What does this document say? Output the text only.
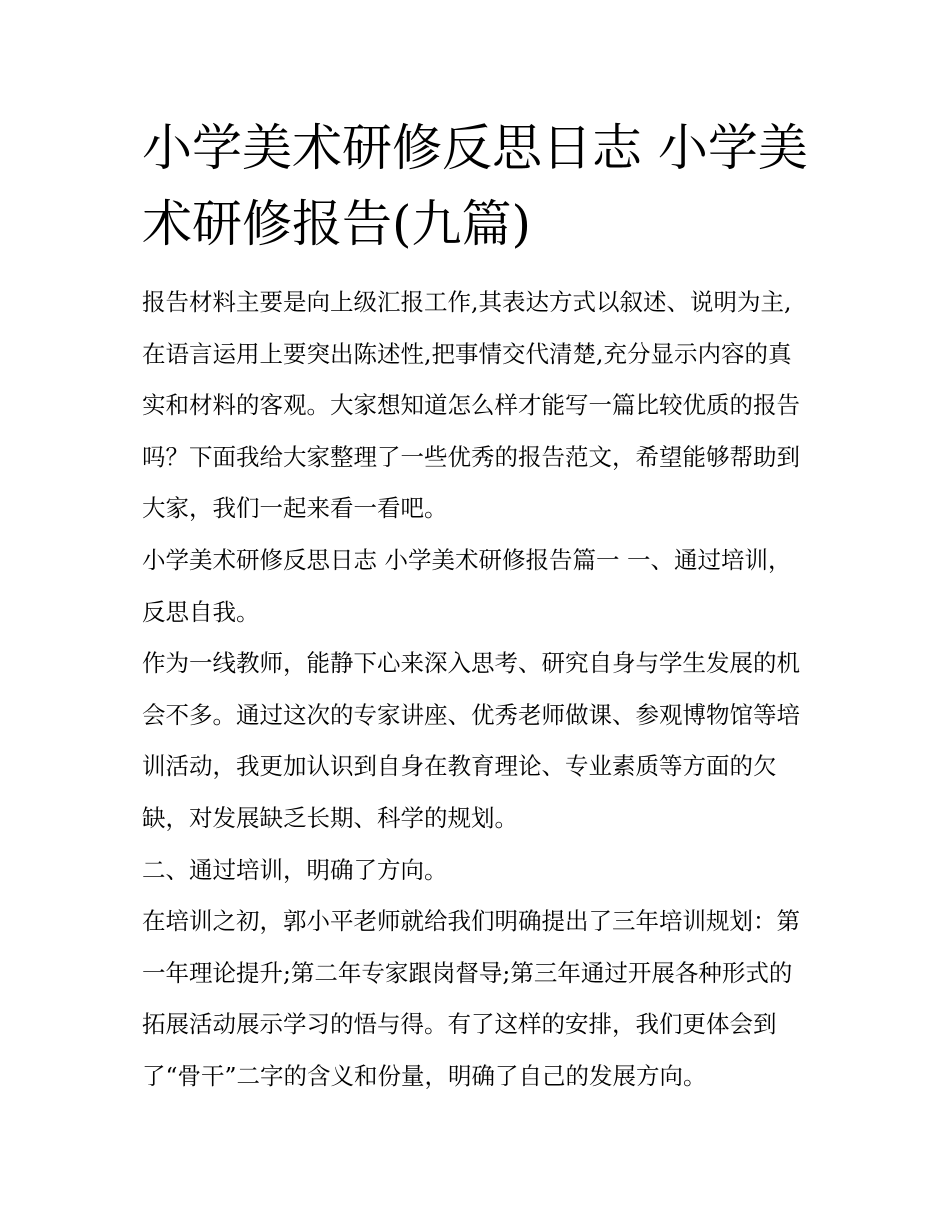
小学美术研修反思日志 小学美术研修报告(九篇)

报告材料主要是向上级汇报工作,其表达方式以叙述、说明为主,在语言运用上要突出陈述性,把事情交代清楚,充分显示内容的真实和材料的客观。大家想知道怎么样才能写一篇比较优质的报告吗？下面我给大家整理了一些优秀的报告范文，希望能够帮助到大家，我们一起来看一看吧。

小学美术研修反思日志 小学美术研修报告篇一 一、通过培训，反思自我。

作为一线教师，能静下心来深入思考、研究自身与学生发展的机会不多。通过这次的专家讲座、优秀老师做课、参观博物馆等培训活动，我更加认识到自身在教育理论、专业素质等方面的欠缺，对发展缺乏长期、科学的规划。

二、通过培训，明确了方向。

在培训之初，郭小平老师就给我们明确提出了三年培训规划：第一年理论提升;第二年专家跟岗督导;第三年通过开展各种形式的拓展活动展示学习的悟与得。有了这样的安排，我们更体会到了“骨干”二字的含义和份量，明确了自己的发展方向。
